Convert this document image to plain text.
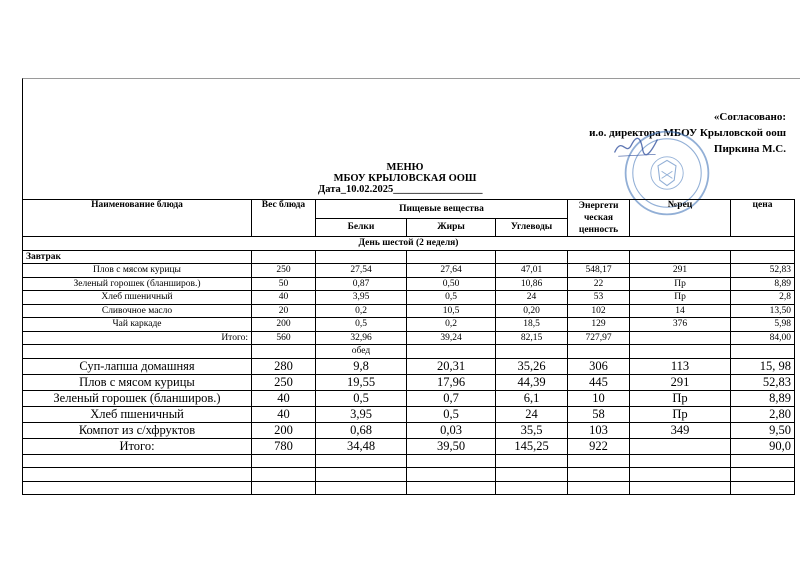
«Согласовано:
и.о. директора МБОУ Крыловской оош
Пиркина М.С.
МЕНЮ
МБОУ КРЫЛОВСКАЯ ООШ
Дата_10.02.2025_________________
Наименование блюда	Вес блюда	Пищевые вещества			Энергети
ческая
ценность	№рец	цена
		Белки	Жиры	Углеводы			
День шестой (2 неделя)							
Завтрак							
Плов с мясом курицы	250	27,54	27,64	47,01	548,17	291	52,83
Зеленый горошек (бланширов.)	50	0,87	0,50	10,86	22	Пр	8,89
Хлеб пшеничный	40	3,95	0,5	24	53	Пр	2,8
Сливочное масло	20	0,2	10,5	0,20	102	14	13,50
Чай каркаде	200	0,5	0,2	18,5	129	376	5,98
Итого:	560	32,96	39,24	82,15	727,97		84,00
		обед					
Суп-лапша домашняя	280	9,8	20,31	35,26	306	113	15, 98
Плов с мясом курицы	250	19,55	17,96	44,39	445	291	52,83
Зеленый горошек (бланширов.)	40	0,5	0,7	6,1	10	Пр	8,89
Хлеб пшеничный	40	3,95	0,5	24	58	Пр	2,80
Компот из с/хфруктов	200	0,68	0,03	35,5	103	349	9,50
Итого:	780	34,48	39,50	145,25	922		90,0
